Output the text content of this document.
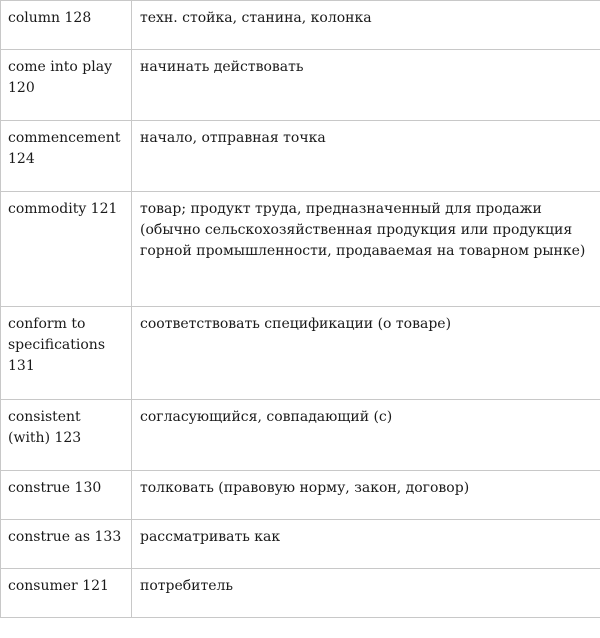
column 128	техн. стойка, станина, колонка
come into play 120	начинать действовать
commencement 124	начало, отправная точка
commodity 121	товар; продукт труда, предназначенный для продажи (обычно сельскохозяйственная продукция или продукция горной промышленности, продаваемая на товарном рынке)
conform to specifications 131	соответствовать спецификации (о товаре)
consistent (with) 123	согласующийся, совпадающий (с)
construe 130	толковать (правовую норму, закон, договор)
construe as 133	рассматривать как
consumer 121	потребитель
